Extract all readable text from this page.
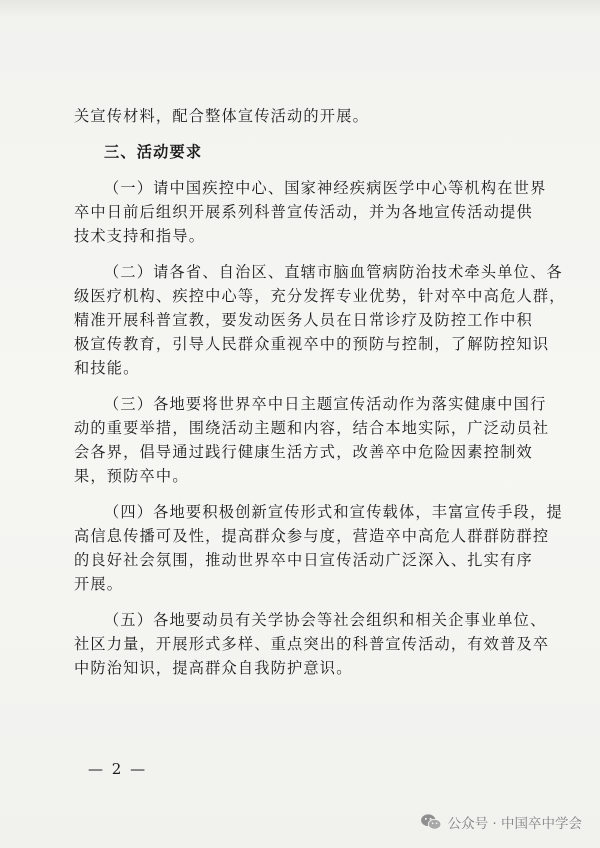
关宣传材料，配合整体宣传活动的开展。
三、活动要求
（一）请中国疾控中心、国家神经疾病医学中心等机构在世界
卒中日前后组织开展系列科普宣传活动，并为各地宣传活动提供
技术支持和指导。
（二）请各省、自治区、直辖市脑血管病防治技术牵头单位、各
级医疗机构、疾控中心等，充分发挥专业优势，针对卒中高危人群，
精准开展科普宣教，要发动医务人员在日常诊疗及防控工作中积
极宣传教育，引导人民群众重视卒中的预防与控制，了解防控知识
和技能。
（三）各地要将世界卒中日主题宣传活动作为落实健康中国行
动的重要举措，围绕活动主题和内容，结合本地实际，广泛动员社
会各界，倡导通过践行健康生活方式，改善卒中危险因素控制效
果，预防卒中。
（四）各地要积极创新宣传形式和宣传载体，丰富宣传手段，提
高信息传播可及性，提高群众参与度，营造卒中高危人群群防群控
的良好社会氛围，推动世界卒中日宣传活动广泛深入、扎实有序
开展。
（五）各地要动员有关学协会等社会组织和相关企事业单位、
社区力量，开展形式多样、重点突出的科普宣传活动，有效普及卒
中防治知识，提高群众自我防护意识。
— 2 —
公众号 · 中国卒中学会
